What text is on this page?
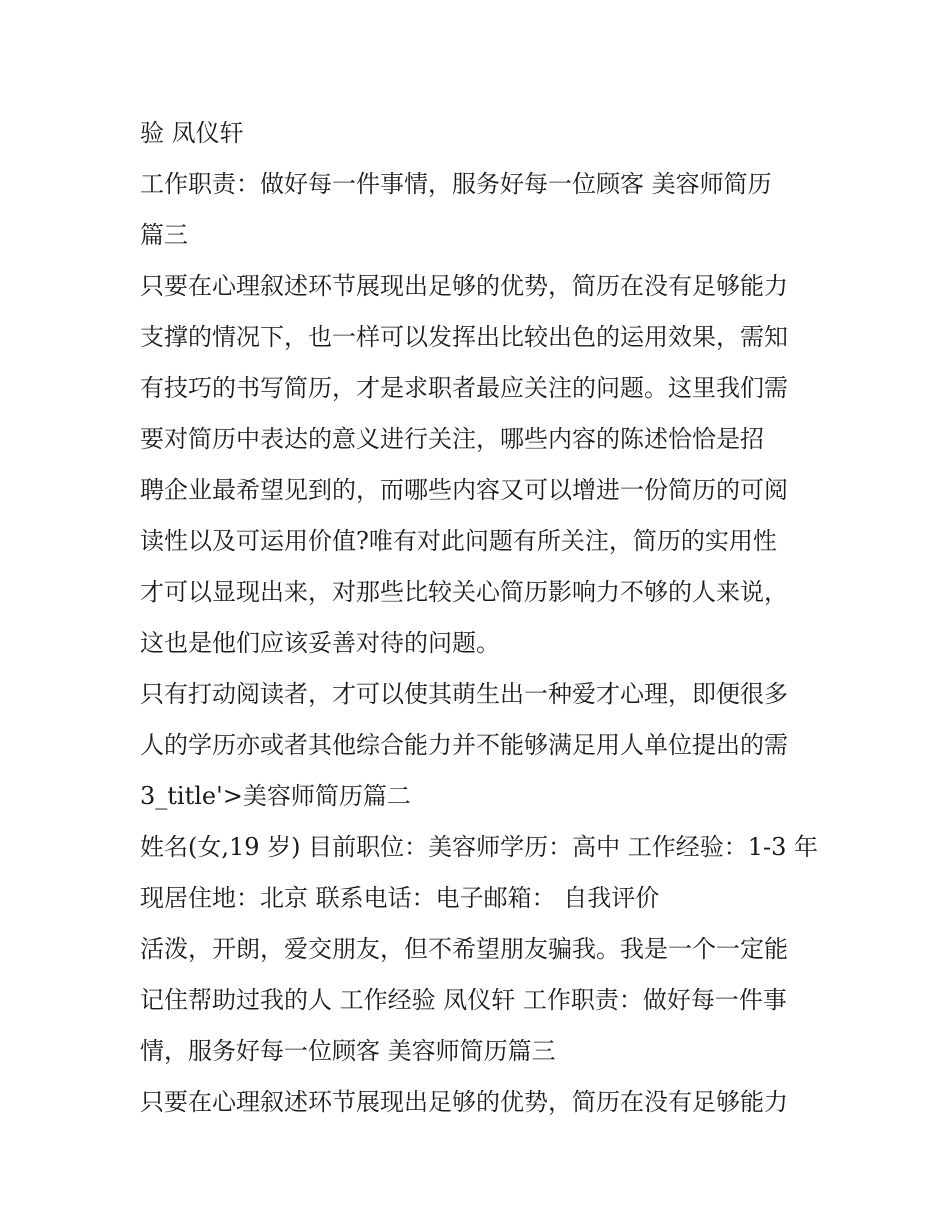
验 凤仪轩
工作职责：做好每一件事情，服务好每一位顾客 美容师简历
篇三
只要在心理叙述环节展现出足够的优势，简历在没有足够能力
支撑的情况下，也一样可以发挥出比较出色的运用效果，需知
有技巧的书写简历，才是求职者最应关注的问题。这里我们需
要对简历中表达的意义进行关注，哪些内容的陈述恰恰是招
聘企业最希望见到的，而哪些内容又可以增进一份简历的可阅
读性以及可运用价值?唯有对此问题有所关注，简历的实用性
才可以显现出来，对那些比较关心简历影响力不够的人来说，
这也是他们应该妥善对待的问题。
只有打动阅读者，才可以使其萌生出一种爱才心理，即便很多
人的学历亦或者其他综合能力并不能够满足用人单位提出的需
3_title'>美容师简历篇二
姓名(女,19 岁) 目前职位：美容师学历：高中 工作经验：1-3 年
现居住地：北京 联系电话：电子邮箱： 自我评价
活泼，开朗，爱交朋友，但不希望朋友骗我。我是一个一定能
记住帮助过我的人 工作经验 凤仪轩 工作职责：做好每一件事
情，服务好每一位顾客 美容师简历篇三
只要在心理叙述环节展现出足够的优势，简历在没有足够能力
